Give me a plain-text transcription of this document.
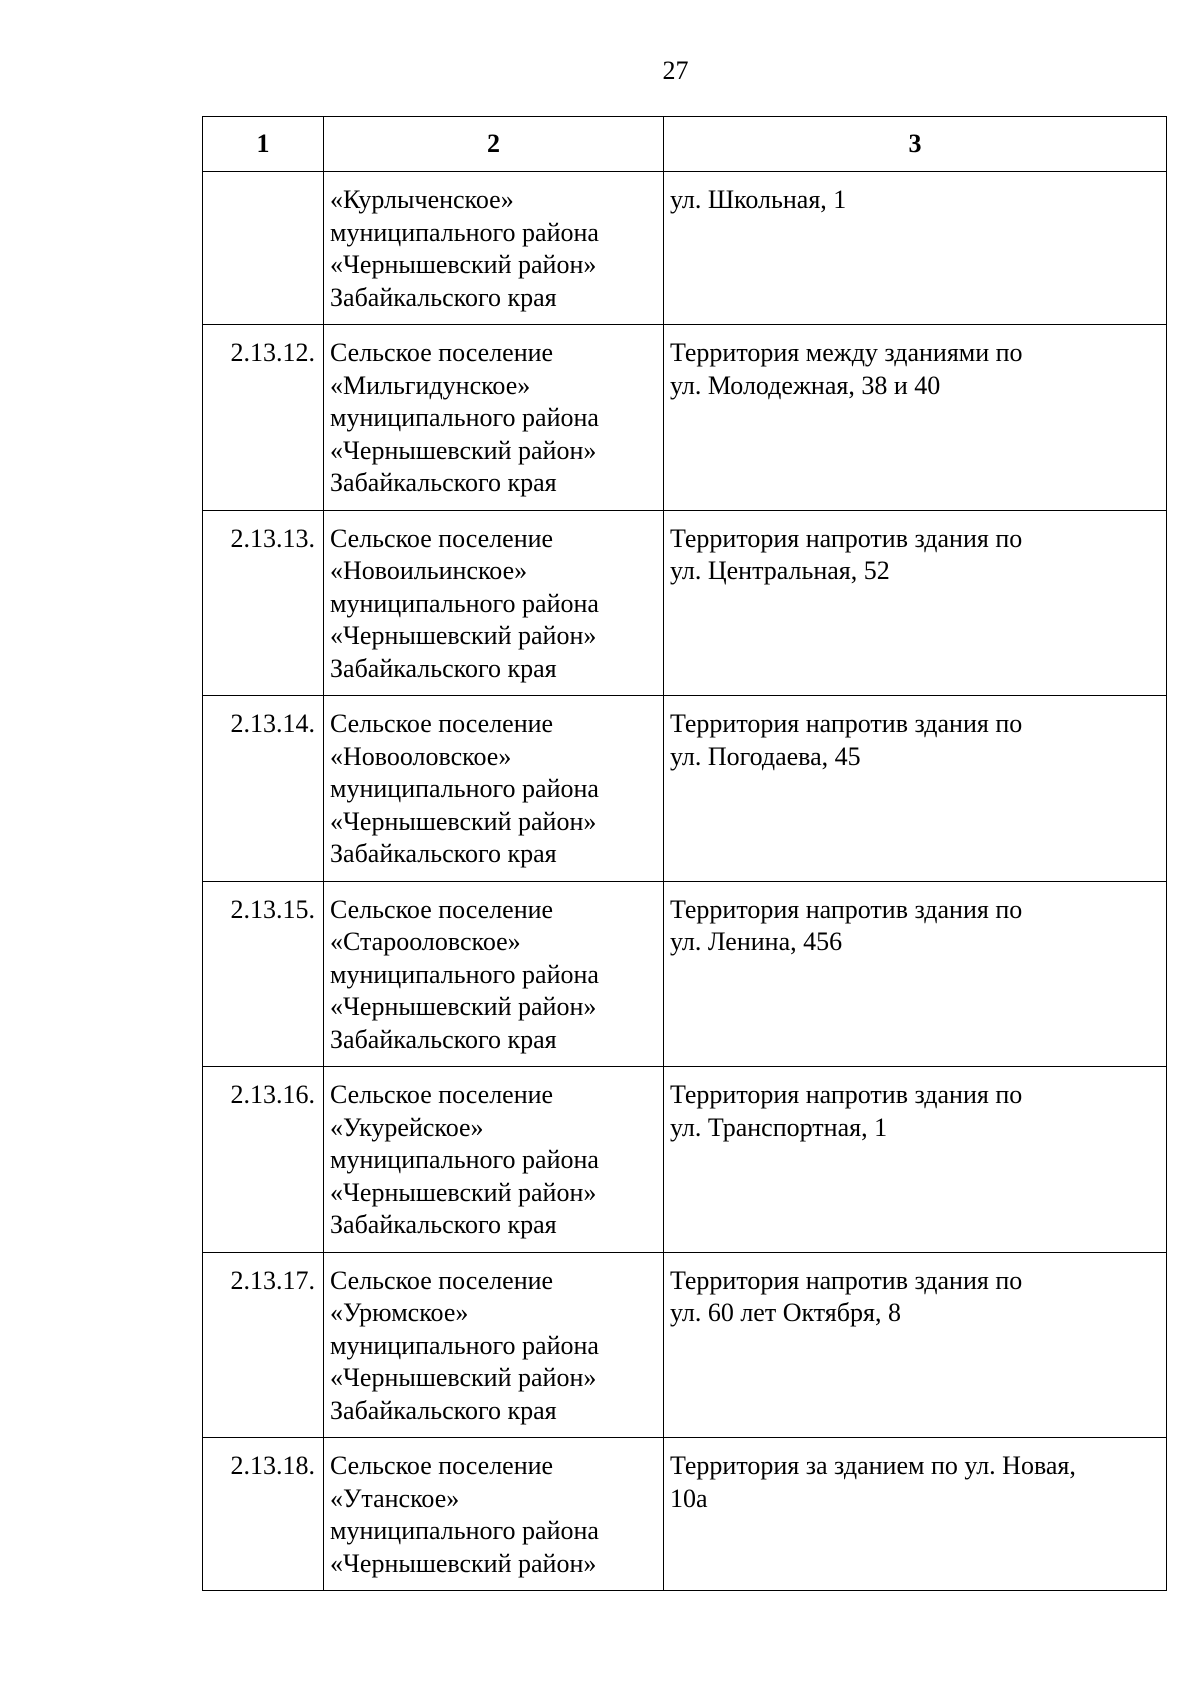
27
1	2	3

	«Курлыченское»
муниципального района
«Чернышевский район»
Забайкальского края	ул. Школьная, 1

2.13.12.	Сельское поселение
«Мильгидунское»
муниципального района
«Чернышевский район»
Забайкальского края	Территория между зданиями по
ул. Молодежная, 38 и 40

2.13.13.	Сельское поселение
«Новоильинское»
муниципального района
«Чернышевский район»
Забайкальского края	Территория напротив здания по
ул. Центральная, 52

2.13.14.	Сельское поселение
«Новооловское»
муниципального района
«Чернышевский район»
Забайкальского края	Территория напротив здания по
ул. Погодаева, 45

2.13.15.	Сельское поселение
«Старооловское»
муниципального района
«Чернышевский район»
Забайкальского края	Территория напротив здания по
ул. Ленина, 456

2.13.16.	Сельское поселение
«Укурейское»
муниципального района
«Чернышевский район»
Забайкальского края	Территория напротив здания по
ул. Транспортная, 1

2.13.17.	Сельское поселение
«Урюмское»
муниципального района
«Чернышевский район»
Забайкальского края	Территория напротив здания по
ул. 60 лет Октября, 8

2.13.18.	Сельское поселение
«Утанское»
муниципального района
«Чернышевский район»	Территория за зданием по ул. Новая,
10а
